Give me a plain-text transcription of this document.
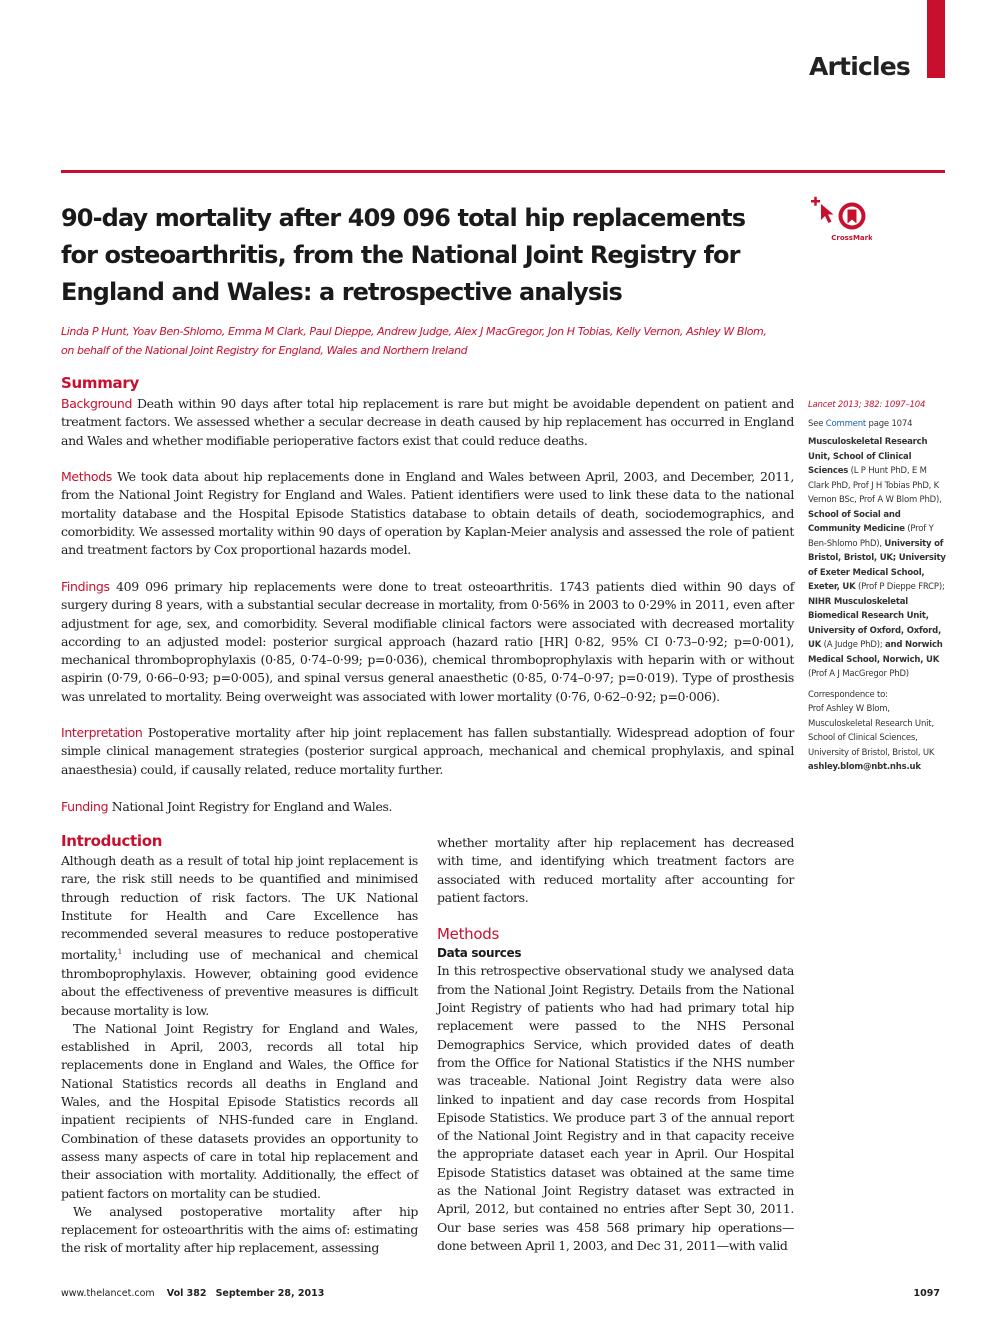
Articles
90-day mortality after 409 096 total hip replacements for osteoarthritis, from the National Joint Registry for England and Wales: a retrospective analysis
CrossMark

Linda P Hunt, Yoav Ben-Shlomo, Emma M Clark, Paul Dieppe, Andrew Judge, Alex J MacGregor, Jon H Tobias, Kelly Vernon, Ashley W Blom, on behalf of the National Joint Registry for England, Wales and Northern Ireland

Summary

Background Death within 90 days after total hip replacement is rare but might be avoidable dependent on patient and treatment factors. We assessed whether a secular decrease in death caused by hip replacement has occurred in England and Wales and whether modifiable perioperative factors exist that could reduce deaths.

Methods We took data about hip replacements done in England and Wales between April, 2003, and December, 2011, from the National Joint Registry for England and Wales. Patient identifiers were used to link these data to the national mortality database and the Hospital Episode Statistics database to obtain details of death, sociodemographics, and comorbidity. We assessed mortality within 90 days of operation by Kaplan-Meier analysis and assessed the role of patient and treatment factors by Cox proportional hazards model.

Findings 409 096 primary hip replacements were done to treat osteoarthritis. 1743 patients died within 90 days of surgery during 8 years, with a substantial secular decrease in mortality, from 0·56% in 2003 to 0·29% in 2011, even after adjustment for age, sex, and comorbidity. Several modifiable clinical factors were associated with decreased mortality according to an adjusted model: posterior surgical approach (hazard ratio [HR] 0·82, 95% CI 0·73–0·92; p=0·001), mechanical thromboprophylaxis (0·85, 0·74–0·99; p=0·036), chemical thromboprophylaxis with heparin with or without aspirin (0·79, 0·66–0·93; p=0·005), and spinal versus general anaesthetic (0·85, 0·74–0·97; p=0·019). Type of prosthesis was unrelated to mortality. Being overweight was associated with lower mortality (0·76, 0·62–0·92; p=0·006).

Interpretation Postoperative mortality after hip joint replacement has fallen substantially. Widespread adoption of four simple clinical management strategies (posterior surgical approach, mechanical and chemical prophylaxis, and spinal anaesthesia) could, if causally related, reduce mortality further.

Funding National Joint Registry for England and Wales.

Introduction

Although death as a result of total hip joint replacement is rare, the risk still needs to be quantified and minimised through reduction of risk factors. The UK National Institute for Health and Care Excellence has recommended several measures to reduce postoperative mortality,$^1$ including use of mechanical and chemical thromboprophylaxis. However, obtaining good evidence about the effectiveness of preventive measures is difficult because mortality is low.

The National Joint Registry for England and Wales, established in April, 2003, records all total hip replacements done in England and Wales, the Office for National Statistics records all deaths in England and Wales, and the Hospital Episode Statistics records all inpatient recipients of NHS-funded care in England. Combination of these datasets provides an opportunity to assess many aspects of care in total hip replacement and their association with mortality. Additionally, the effect of patient factors on mortality can be studied.

We analysed postoperative mortality after hip replacement for osteoarthritis with the aims of: estimating the risk of mortality after hip replacement, assessing

whether mortality after hip replacement has decreased with time, and identifying which treatment factors are associated with reduced mortality after accounting for patient factors.

Methods

Data sources

In this retrospective observational study we analysed data from the National Joint Registry. Details from the National Joint Registry of patients who had had primary total hip replacement were passed to the NHS Personal Demographics Service, which provided dates of death from the Office for National Statistics if the NHS number was traceable. National Joint Registry data were also linked to inpatient and day case records from Hospital Episode Statistics. We produce part 3 of the annual report of the National Joint Registry and in that capacity receive the appropriate dataset each year in April. Our Hospital Episode Statistics dataset was obtained at the same time as the National Joint Registry dataset was extracted in April, 2012, but contained no entries after Sept 30, 2011. Our base series was 458 568 primary hip operations—done between April 1, 2003, and Dec 31, 2011—with valid

Lancet 2013; 382: 1097–104

See Comment page 1074

Musculoskeletal Research Unit, School of Clinical Sciences (L P Hunt PhD, E M Clark PhD, Prof J H Tobias PhD, K Vernon BSc, Prof A W Blom PhD), School of Social and Community Medicine (Prof Y Ben-Shlomo PhD), University of Bristol, Bristol, UK; University of Exeter Medical School, Exeter, UK (Prof P Dieppe FRCP); NIHR Musculoskeletal Biomedical Research Unit, University of Oxford, Oxford, UK (A Judge PhD); and Norwich Medical School, Norwich, UK (Prof A J MacGregor PhD)

Correspondence to:

Prof Ashley W Blom,

Musculoskeletal Research Unit,

School of Clinical Sciences,

University of Bristol, Bristol, UK

ashley.blom@nbt.nhs.uk

www.thelancet.com Vol 382 September 28, 2013	1097
